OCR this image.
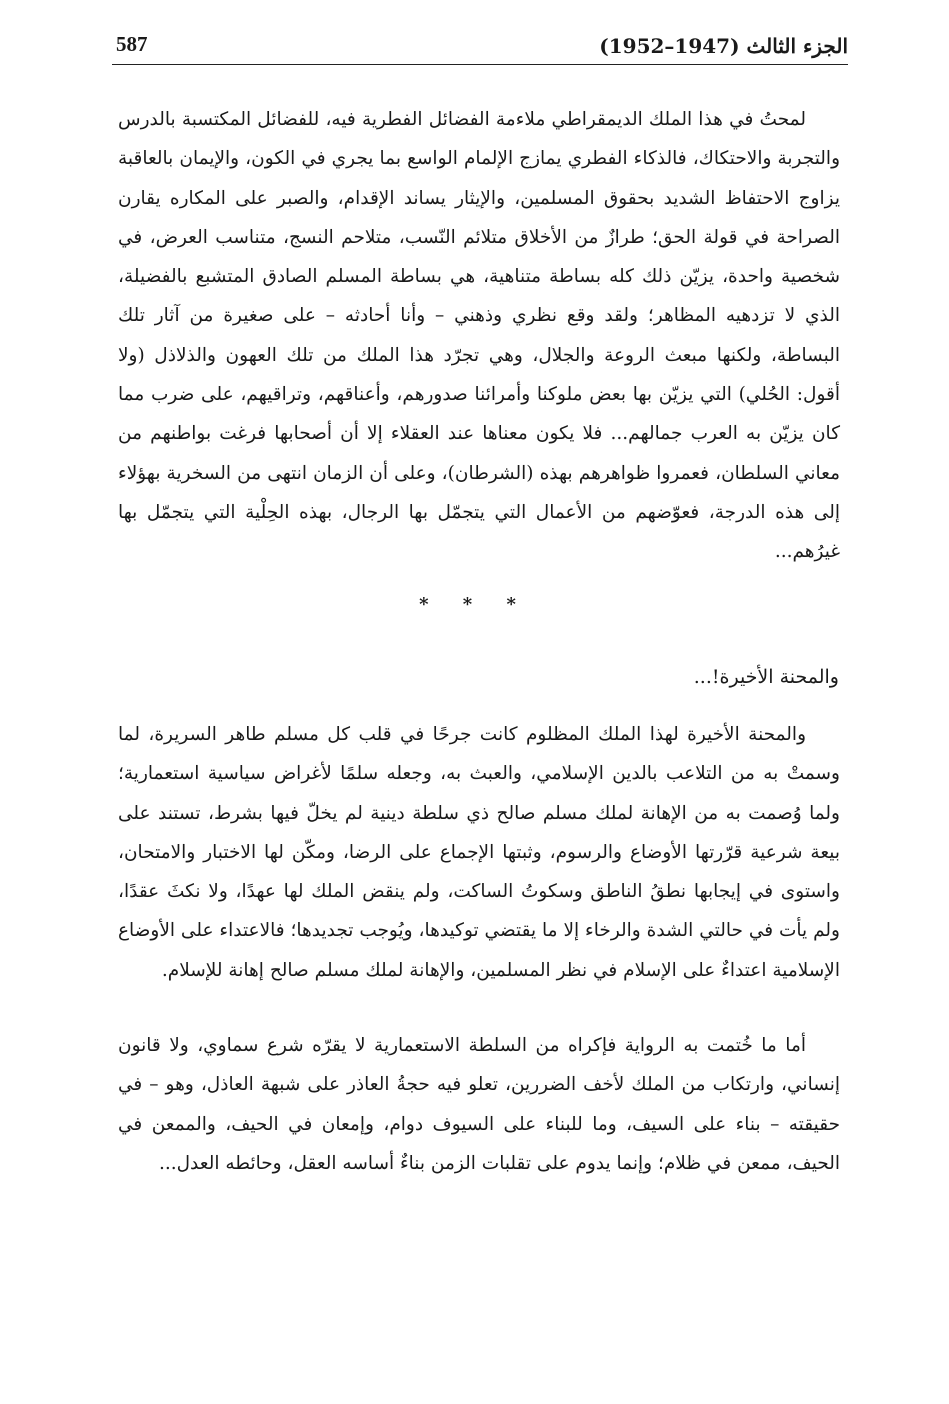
الجزء الثالث (1947–1952)
587

لمحتُ في هذا الملك الديمقراطي ملاءمة الفضائل الفطرية فيه، للفضائل المكتسبة بالدرس والتجربة والاحتكاك، فالذكاء الفطري يمازج الإلمام الواسع بما يجري في الكون، والإيمان بالعاقبة يزاوج الاحتفاظ الشديد بحقوق المسلمين، والإيثار يساند الإقدام، والصبر على المكاره يقارن الصراحة في قولة الحق؛ طرازٌ من الأخلاق متلائم النّسب، متلاحم النسج، متناسب العرض، في شخصية واحدة، يزيّن ذلك كله بساطة متناهية، هي بساطة المسلم الصادق المتشبع بالفضيلة، الذي لا تزدهيه المظاهر؛ ولقد وقع نظري وذهني – وأنا أحادثه – على صغيرة من آثار تلك البساطة، ولكنها مبعث الروعة والجلال، وهي تجرّد هذا الملك من تلك العهون والذلاذل (ولا أقول: الحُلي) التي يزيّن بها بعض ملوكنا وأمرائنا صدورهم، وأعناقهم، وتراقيهم، على ضرب مما كان يزيّن به العرب جمالهم... فلا يكون معناها عند العقلاء إلا أن أصحابها فرغت بواطنهم من معاني السلطان، فعمروا ظواهرهم بهذه (الشرطان)، وعلى أن الزمان انتهى من السخرية بهؤلاء إلى هذه الدرجة، فعوّضهم من الأعمال التي يتجمّل بها الرجال، بهذه الحِلْية التي يتجمّل بها غيرُهم...

* * *
والمحنة الأخيرة!...

والمحنة الأخيرة لهذا الملك المظلوم كانت جرحًا في قلب كل مسلم طاهر السريرة، لما وسمتْ به من التلاعب بالدين الإسلامي، والعبث به، وجعله سلمًا لأغراض سياسية استعمارية؛ ولما وُصمت به من الإهانة لملك مسلم صالح ذي سلطة دينية لم يخلّ فيها بشرط، تستند على بيعة شرعية قرّرتها الأوضاع والرسوم، وثبتها الإجماع على الرضا، ومكّن لها الاختبار والامتحان، واستوى في إيجابها نطقُ الناطق وسكوتُ الساكت، ولم ينقض الملك لها عهدًا، ولا نكثَ عقدًا، ولم يأت في حالتي الشدة والرخاء إلا ما يقتضي توكيدها، ويُوجب تجديدها؛ فالاعتداء على الأوضاع الإسلامية اعتداءٌ على الإسلام في نظر المسلمين، والإهانة لملك مسلم صالح إهانة للإسلام.

أما ما خُتمت به الرواية فإكراه من السلطة الاستعمارية لا يقرّه شرع سماوي، ولا قانون إنساني، وارتكاب من الملك لأخف الضررين، تعلو فيه حجةُ العاذر على شبهة العاذل، وهو – في حقيقته – بناء على السيف، وما للبناء على السيوف دوام، وإمعان في الحيف، والممعن في الحيف، ممعن في ظلام؛ وإنما يدوم على تقلبات الزمن بناءٌ أساسه العقل، وحائطه العدل...
